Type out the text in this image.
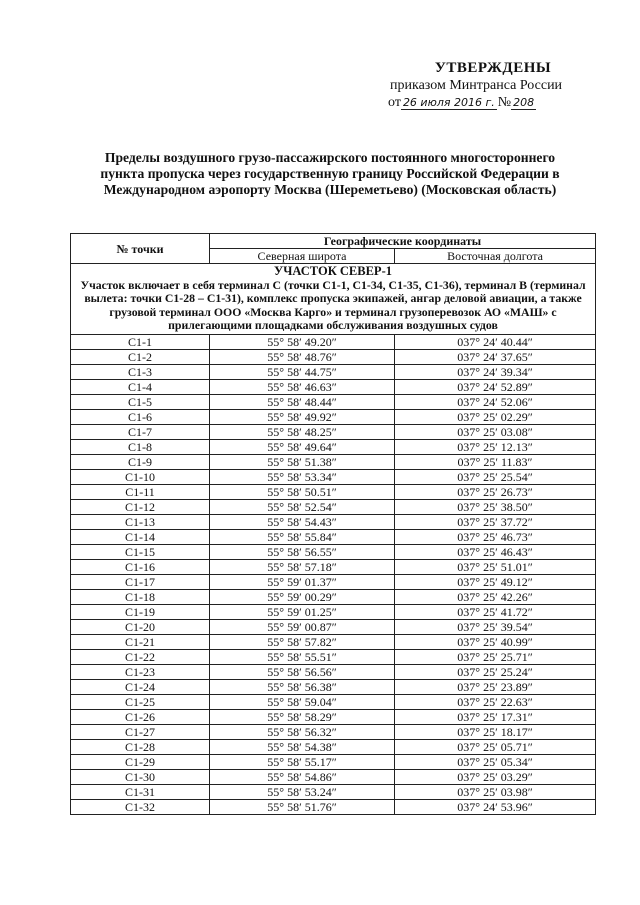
УТВЕРЖДЕНЫ
приказом Минтранса России
от 26 июля 2016 г. № 208
Пределы воздушного грузо-пассажирского постоянного многостороннего
пункта пропуска через государственную границу Российской Федерации в
Международном аэропорту Москва (Шереметьево) (Московская область)
№ точки	Географические координаты	
	Северная широта	Восточная долгота

УЧАСТОК СЕВЕР-1
Участок включает в себя терминал С (точки С1-1, С1-34, С1-35, С1-36), терминал В (терминал вылета: точки С1-28 – С1-31), комплекс пропуска экипажей, ангар деловой авиации, а также грузовой терминал ООО «Москва Карго» и терминал грузоперевозок АО «МАШ» с прилегающими площадками обслуживания воздушных судов		

С1-1	55° 58′ 49.20″	037° 24′ 40.44″
С1-2	55° 58′ 48.76″	037° 24′ 37.65″
С1-3	55° 58′ 44.75″	037° 24′ 39.34″
С1-4	55° 58′ 46.63″	037° 24′ 52.89″
С1-5	55° 58′ 48.44″	037° 24′ 52.06″
С1-6	55° 58′ 49.92″	037° 25′ 02.29″
С1-7	55° 58′ 48.25″	037° 25′ 03.08″
С1-8	55° 58′ 49.64″	037° 25′ 12.13″
С1-9	55° 58′ 51.38″	037° 25′ 11.83″
С1-10	55° 58′ 53.34″	037° 25′ 25.54″
С1-11	55° 58′ 50.51″	037° 25′ 26.73″
С1-12	55° 58′ 52.54″	037° 25′ 38.50″
С1-13	55° 58′ 54.43″	037° 25′ 37.72″
С1-14	55° 58′ 55.84″	037° 25′ 46.73″
С1-15	55° 58′ 56.55″	037° 25′ 46.43″
С1-16	55° 58′ 57.18″	037° 25′ 51.01″
С1-17	55° 59′ 01.37″	037° 25′ 49.12″
С1-18	55° 59′ 00.29″	037° 25′ 42.26″
С1-19	55° 59′ 01.25″	037° 25′ 41.72″
С1-20	55° 59′ 00.87″	037° 25′ 39.54″
С1-21	55° 58′ 57.82″	037° 25′ 40.99″
С1-22	55° 58′ 55.51″	037° 25′ 25.71″
С1-23	55° 58′ 56.56″	037° 25′ 25.24″
С1-24	55° 58′ 56.38″	037° 25′ 23.89″
С1-25	55° 58′ 59.04″	037° 25′ 22.63″
С1-26	55° 58′ 58.29″	037° 25′ 17.31″
С1-27	55° 58′ 56.32″	037° 25′ 18.17″
С1-28	55° 58′ 54.38″	037° 25′ 05.71″
С1-29	55° 58′ 55.17″	037° 25′ 05.34″
С1-30	55° 58′ 54.86″	037° 25′ 03.29″
С1-31	55° 58′ 53.24″	037° 25′ 03.98″
С1-32	55° 58′ 51.76″	037° 24′ 53.96″
